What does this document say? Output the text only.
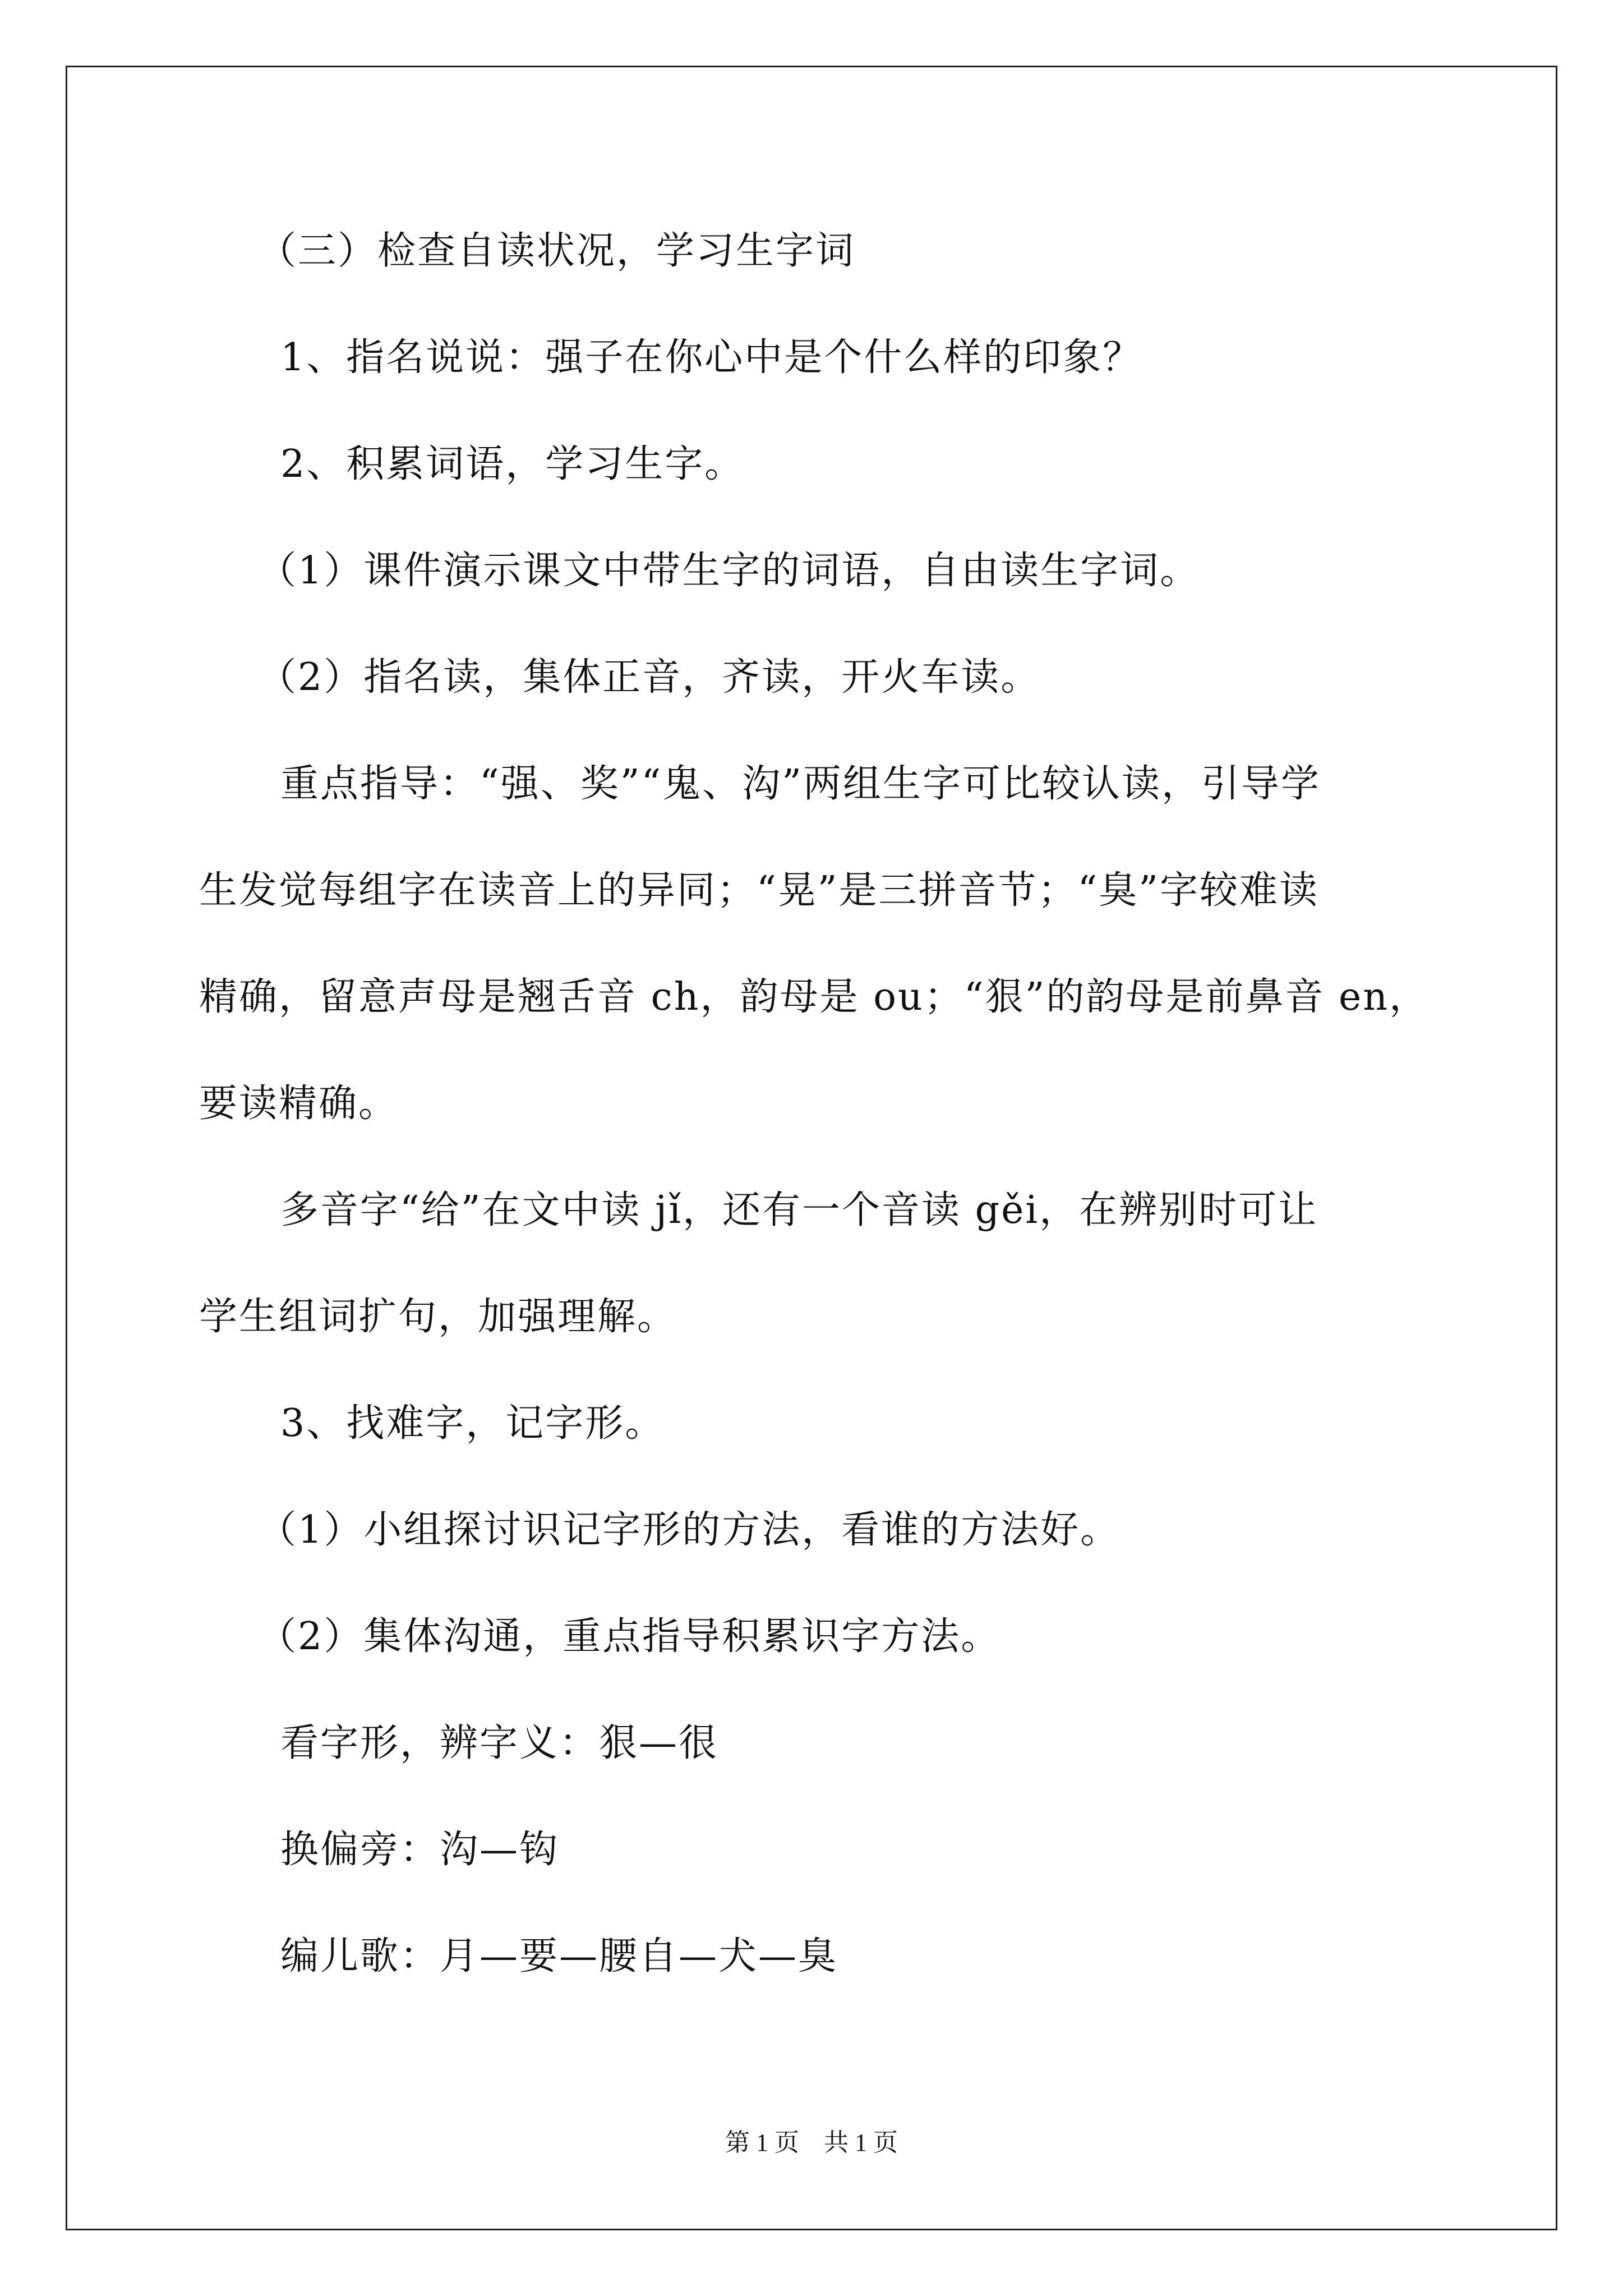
（三）检查自读状况，学习生字词
1、指名说说：强子在你心中是个什么样的印象？
2、积累词语，学习生字。
（1）课件演示课文中带生字的词语，自由读生字词。
（2）指名读，集体正音，齐读，开火车读。
重点指导：“强、奖”“鬼、沟”两组生字可比较认读，引导学
生发觉每组字在读音上的异同；“晃”是三拼音节；“臭”字较难读
精确，留意声母是翘舌音 ch，韵母是 ou；“狠”的韵母是前鼻音 en，
要读精确。
多音字“给”在文中读 jǐ，还有一个音读 gěi，在辨别时可让
学生组词扩句，加强理解。
3、找难字，记字形。
（1）小组探讨识记字形的方法，看谁的方法好。
（2）集体沟通，重点指导积累识字方法。
看字形，辨字义：狠—很
换偏旁：沟—钩
编儿歌：月—要—腰自—犬—臭
第 1 页    共 1 页
